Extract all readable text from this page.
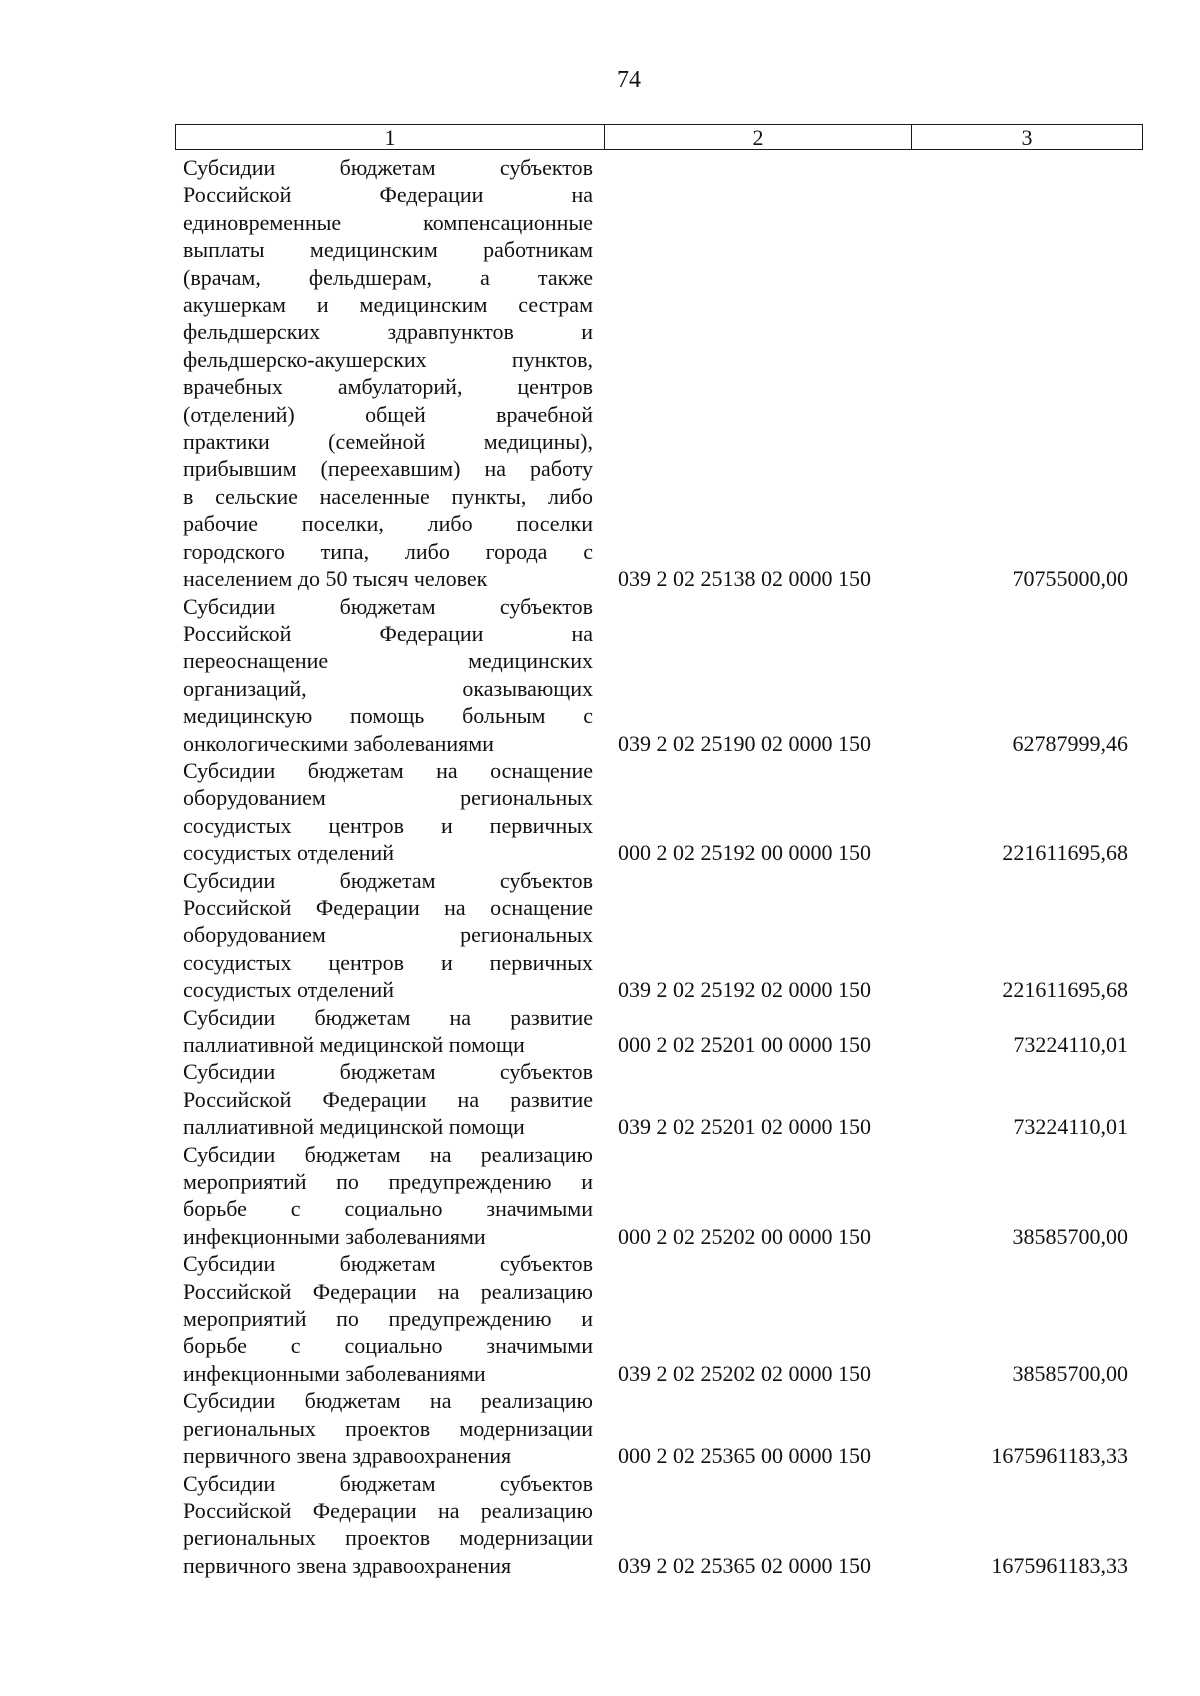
74
1	2	3
Субсидии бюджетам субъектов
Российской Федерации на
единовременные компенсационные
выплаты медицинским работникам
(врачам, фельдшерам, а также
акушеркам и медицинским сестрам
фельдшерских здравпунктов и
фельдшерско-акушерских пунктов,
врачебных амбулаторий, центров
(отделений) общей врачебной
практики (семейной медицины),
прибывшим (переехавшим) на работу
в сельские населенные пункты, либо
рабочие поселки, либо поселки
городского типа, либо города с
населением до 50 тысяч человек	039 2 02 25138 02 0000 150	70755000,00
Субсидии бюджетам субъектов
Российской Федерации на
переоснащение медицинских
организаций, оказывающих
медицинскую помощь больным с
онкологическими заболеваниями	039 2 02 25190 02 0000 150	62787999,46
Субсидии бюджетам на оснащение
оборудованием региональных
сосудистых центров и первичных
сосудистых отделений	000 2 02 25192 00 0000 150	221611695,68
Субсидии бюджетам субъектов
Российской Федерации на оснащение
оборудованием региональных
сосудистых центров и первичных
сосудистых отделений	039 2 02 25192 02 0000 150	221611695,68
Субсидии бюджетам на развитие
паллиативной медицинской помощи	000 2 02 25201 00 0000 150	73224110,01
Субсидии бюджетам субъектов
Российской Федерации на развитие
паллиативной медицинской помощи	039 2 02 25201 02 0000 150	73224110,01
Субсидии бюджетам на реализацию
мероприятий по предупреждению и
борьбе с социально значимыми
инфекционными заболеваниями	000 2 02 25202 00 0000 150	38585700,00
Субсидии бюджетам субъектов
Российской Федерации на реализацию
мероприятий по предупреждению и
борьбе с социально значимыми
инфекционными заболеваниями	039 2 02 25202 02 0000 150	38585700,00
Субсидии бюджетам на реализацию
региональных проектов модернизации
первичного звена здравоохранения	000 2 02 25365 00 0000 150	1675961183,33
Субсидии бюджетам субъектов
Российской Федерации на реализацию
региональных проектов модернизации
первичного звена здравоохранения	039 2 02 25365 02 0000 150	1675961183,33
